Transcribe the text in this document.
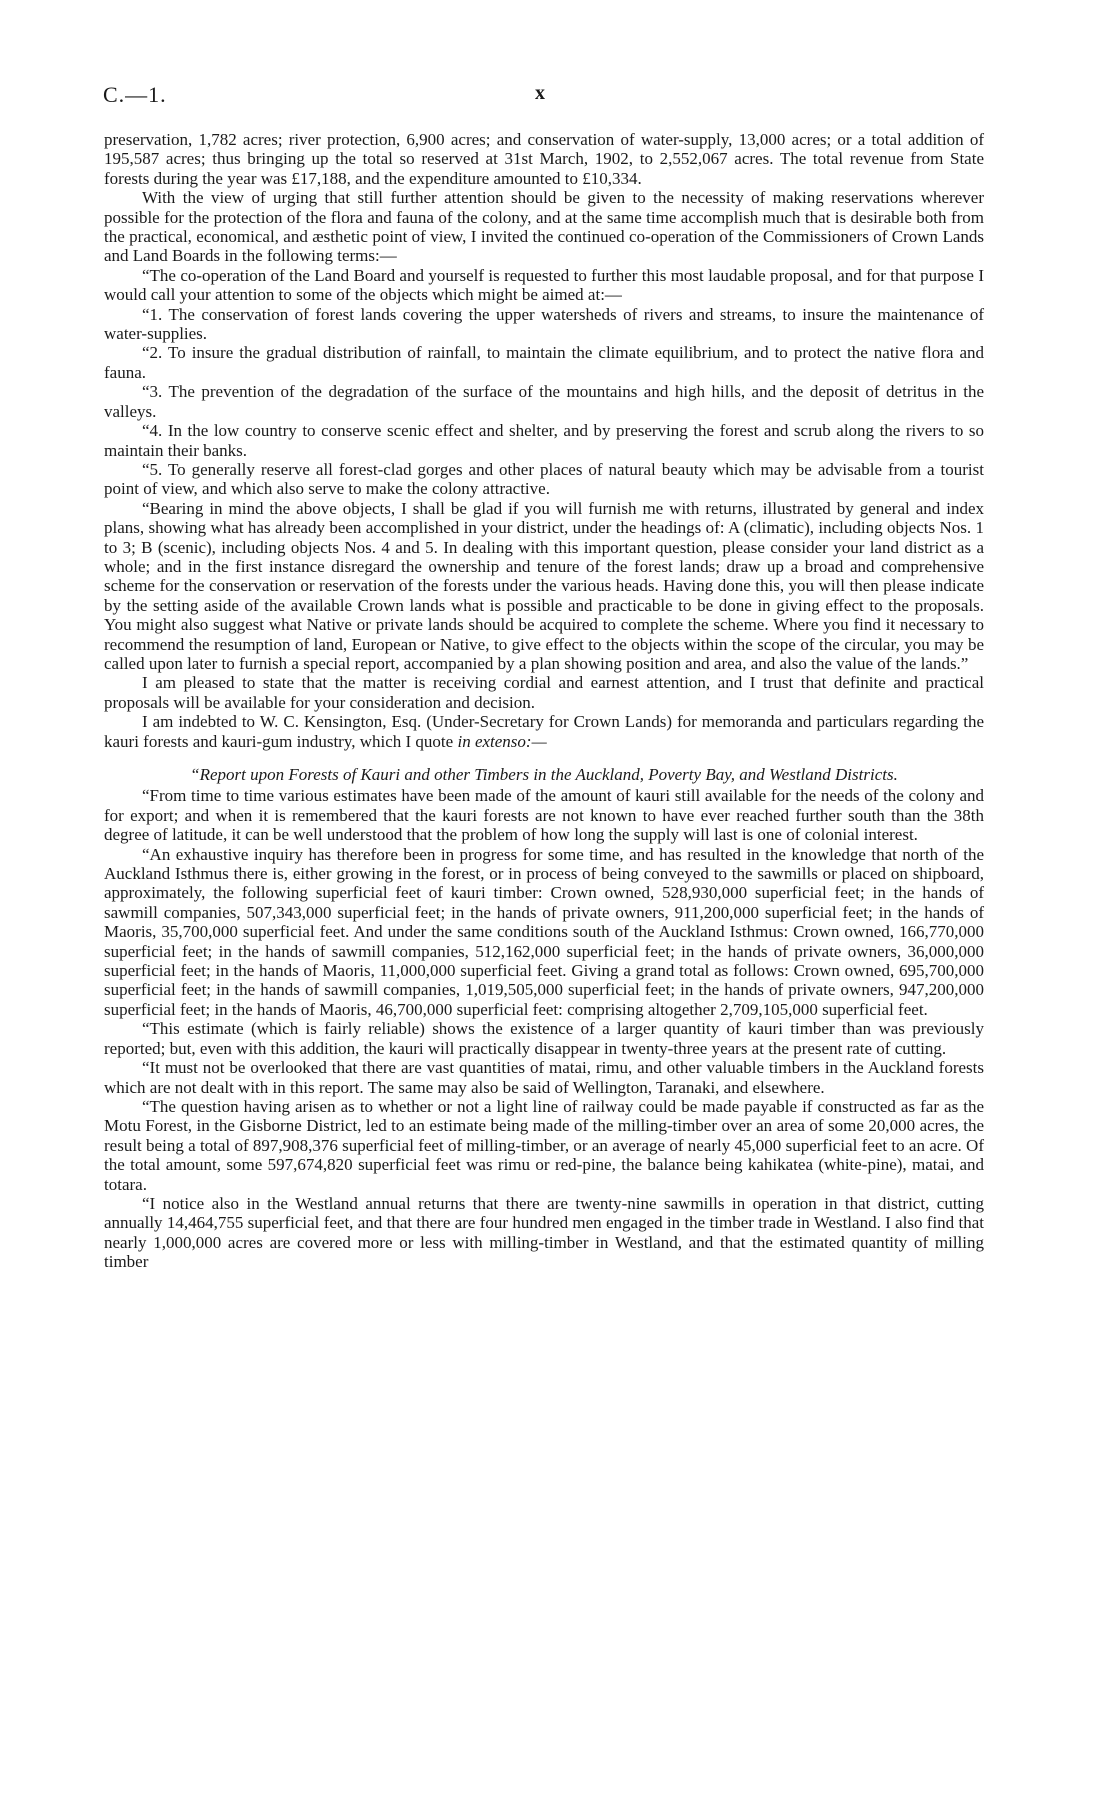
C.—1.	x

preservation, 1,782 acres; river protection, 6,900 acres; and conservation of water-supply, 13,000 acres; or a total addition of 195,587 acres; thus bringing up the total so reserved at 31st March, 1902, to 2,552,067 acres. The total revenue from State forests during the year was £17,188, and the expenditure amounted to £10,334.

With the view of urging that still further attention should be given to the necessity of making reservations wherever possible for the protection of the flora and fauna of the colony, and at the same time accomplish much that is desirable both from the practical, economical, and æsthetic point of view, I invited the continued co-operation of the Commissioners of Crown Lands and Land Boards in the following terms:—

“The co-operation of the Land Board and yourself is requested to further this most laudable proposal, and for that purpose I would call your attention to some of the objects which might be aimed at:—

“1. The conservation of forest lands covering the upper watersheds of rivers and streams, to insure the maintenance of water-supplies.

“2. To insure the gradual distribution of rainfall, to maintain the climate equilibrium, and to protect the native flora and fauna.

“3. The prevention of the degradation of the surface of the mountains and high hills, and the deposit of detritus in the valleys.

“4. In the low country to conserve scenic effect and shelter, and by preserving the forest and scrub along the rivers to so maintain their banks.

“5. To generally reserve all forest-clad gorges and other places of natural beauty which may be advisable from a tourist point of view, and which also serve to make the colony attractive.

“Bearing in mind the above objects, I shall be glad if you will furnish me with returns, illustrated by general and index plans, showing what has already been accomplished in your district, under the headings of: A (climatic), including objects Nos. 1 to 3; B (scenic), including objects Nos. 4 and 5. In dealing with this important question, please consider your land district as a whole; and in the first instance disregard the ownership and tenure of the forest lands; draw up a broad and comprehensive scheme for the conservation or reservation of the forests under the various heads. Having done this, you will then please indicate by the setting aside of the available Crown lands what is possible and practicable to be done in giving effect to the proposals. You might also suggest what Native or private lands should be acquired to complete the scheme. Where you find it necessary to recommend the resumption of land, European or Native, to give effect to the objects within the scope of the circular, you may be called upon later to furnish a special report, accompanied by a plan showing position and area, and also the value of the lands.”

I am pleased to state that the matter is receiving cordial and earnest attention, and I trust that definite and practical proposals will be available for your consideration and decision.

I am indebted to W. C. Kensington, Esq. (Under-Secretary for Crown Lands) for memoranda and particulars regarding the kauri forests and kauri-gum industry, which I quote in extenso:—

“Report upon Forests of Kauri and other Timbers in the Auckland, Poverty Bay, and Westland Districts.

“From time to time various estimates have been made of the amount of kauri still available for the needs of the colony and for export; and when it is remembered that the kauri forests are not known to have ever reached further south than the 38th degree of latitude, it can be well understood that the problem of how long the supply will last is one of colonial interest.

“An exhaustive inquiry has therefore been in progress for some time, and has resulted in the knowledge that north of the Auckland Isthmus there is, either growing in the forest, or in process of being conveyed to the sawmills or placed on shipboard, approximately, the following superficial feet of kauri timber: Crown owned, 528,930,000 superficial feet; in the hands of sawmill companies, 507,343,000 superficial feet; in the hands of private owners, 911,200,000 superficial feet; in the hands of Maoris, 35,700,000 superficial feet. And under the same conditions south of the Auckland Isthmus: Crown owned, 166,770,000 superficial feet; in the hands of sawmill companies, 512,162,000 superficial feet; in the hands of private owners, 36,000,000 superficial feet; in the hands of Maoris, 11,000,000 superficial feet. Giving a grand total as follows: Crown owned, 695,700,000 superficial feet; in the hands of sawmill companies, 1,019,505,000 superficial feet; in the hands of private owners, 947,200,000 superficial feet; in the hands of Maoris, 46,700,000 superficial feet: comprising altogether 2,709,105,000 superficial feet.

“This estimate (which is fairly reliable) shows the existence of a larger quantity of kauri timber than was previously reported; but, even with this addition, the kauri will practically disappear in twenty-three years at the present rate of cutting.

“It must not be overlooked that there are vast quantities of matai, rimu, and other valuable timbers in the Auckland forests which are not dealt with in this report. The same may also be said of Wellington, Taranaki, and elsewhere.

“The question having arisen as to whether or not a light line of railway could be made payable if constructed as far as the Motu Forest, in the Gisborne District, led to an estimate being made of the milling-timber over an area of some 20,000 acres, the result being a total of 897,908,376 superficial feet of milling-timber, or an average of nearly 45,000 superficial feet to an acre. Of the total amount, some 597,674,820 superficial feet was rimu or red-pine, the balance being kahikatea (white-pine), matai, and totara.

“I notice also in the Westland annual returns that there are twenty-nine sawmills in operation in that district, cutting annually 14,464,755 superficial feet, and that there are four hundred men engaged in the timber trade in Westland. I also find that nearly 1,000,000 acres are covered more or less with milling-timber in Westland, and that the estimated quantity of milling timber
